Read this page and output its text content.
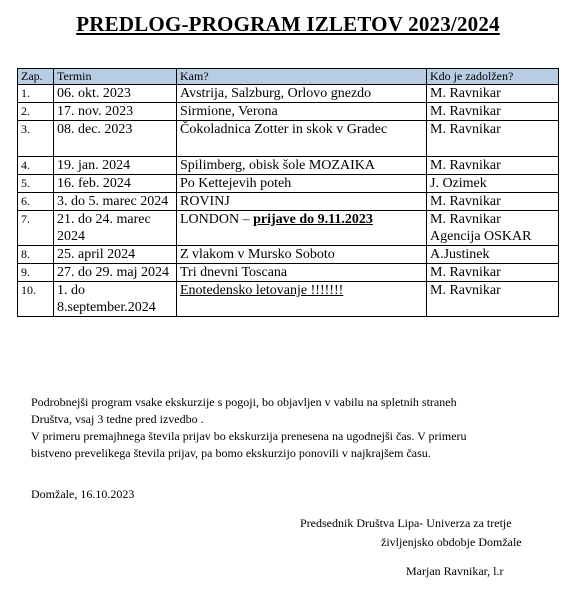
PREDLOG-PROGRAM IZLETOV 2023/2024
Zap.	Termin	Kam?	Kdo je zadolžen?
1.	06. okt. 2023	Avstrija, Salzburg, Orlovo gnezdo	M. Ravnikar
2.	17. nov. 2023	Sirmione, Verona	M. Ravnikar
3.	08. dec. 2023	Čokoladnica Zotter in skok v Gradec	M. Ravnikar
4.	19. jan. 2024	Spilimberg, obisk šole MOZAIKA	M. Ravnikar
5.	16. feb. 2024	Po Kettejevih poteh	J. Ozimek
6.	3. do 5. marec 2024	ROVINJ	M. Ravnikar
7.	21. do 24. marec 2024	LONDON – prijave do 9.11.2023	M. Ravnikar
Agencija OSKAR

8.	25. april 2024	Z vlakom v Mursko Soboto	A.Justinek
9.	27. do 29. maj 2024	Tri dnevni Toscana	M. Ravnikar
10.	1. do 8.september.2024	Enotedensko letovanje !!!!!!!	M. Ravnikar
Podrobnejši program vsake ekskurzije s pogoji, bo objavljen v vabilu na spletnih straneh
Društva, vsaj 3 tedne pred izvedbo .
V primeru premajhnega števila prijav bo ekskurzija prenesena na ugodnejši čas. V primeru
bistveno prevelikega števila prijav, pa bomo ekskurzijo ponovili v najkrajšem času.
Domžale, 16.10.2023
Predsednik Društva Lipa- Univerza za tretje
življenjsko obdobje Domžale
Marjan Ravnikar, l.r
